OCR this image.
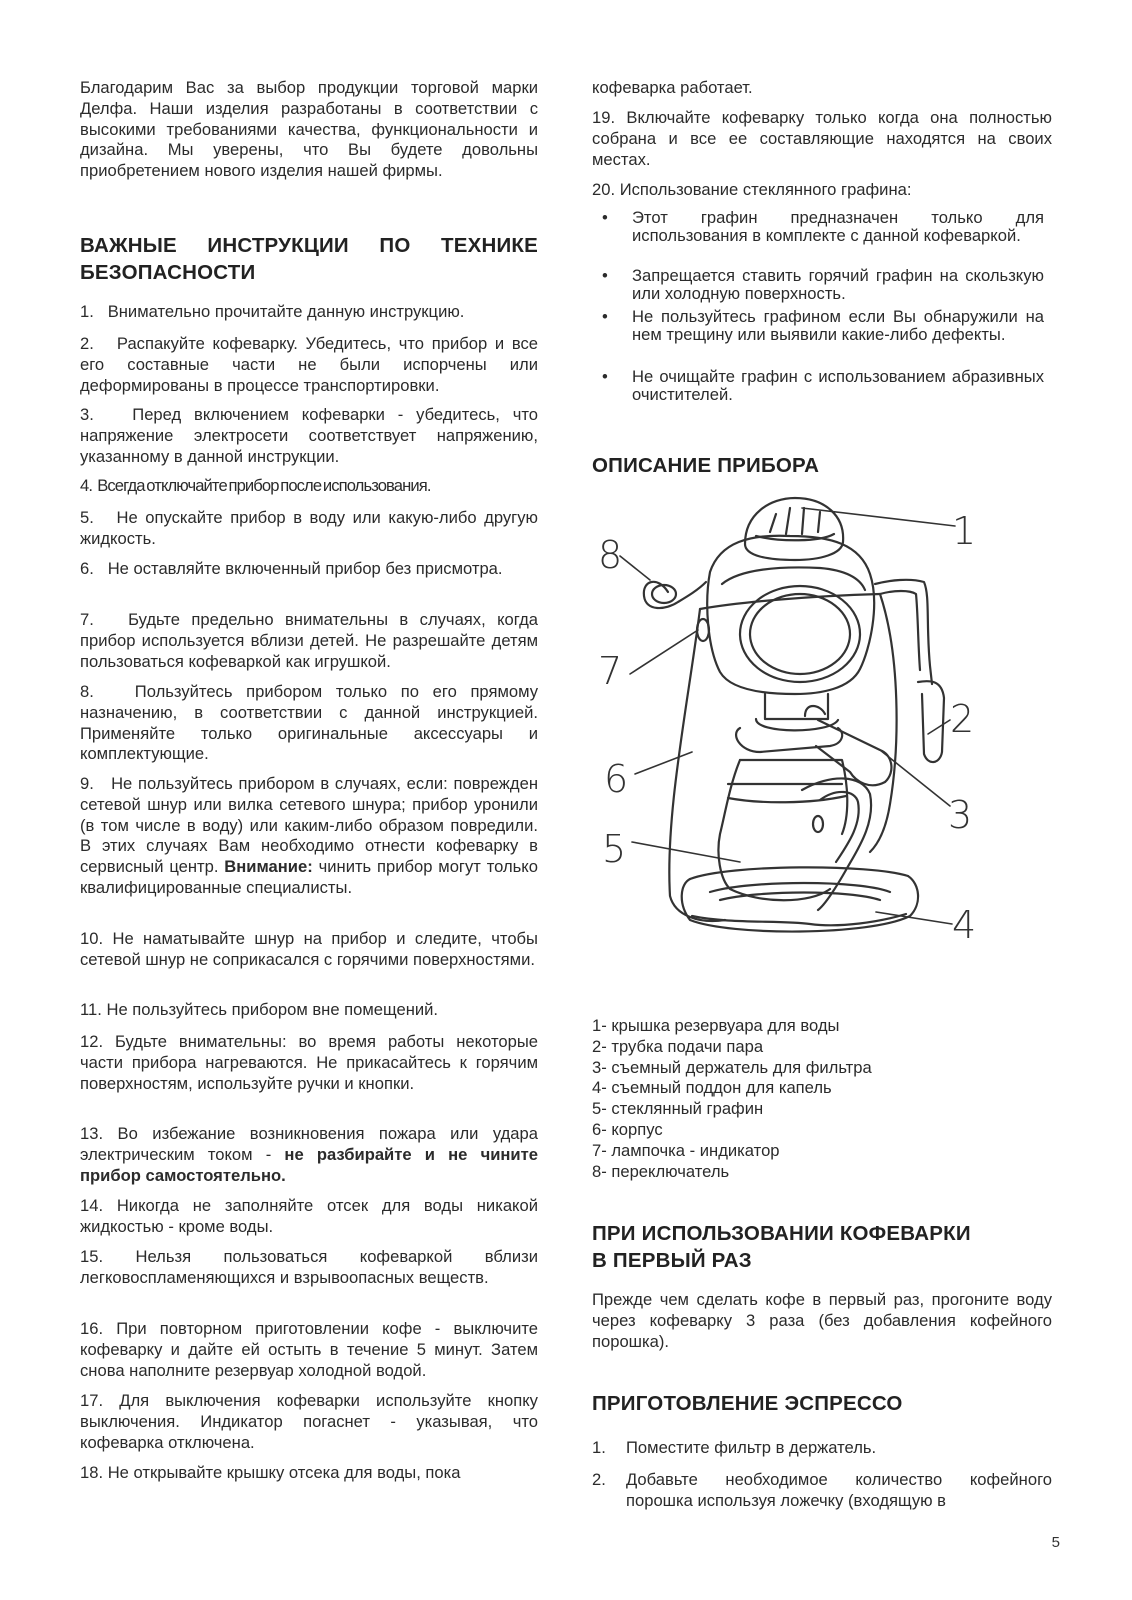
Благодарим Вас за выбор продукции торговой марки Делфа. Наши изделия разработаны в соответствии с высокими требованиями качества, функциональности и дизайна. Мы уверены, что Вы будете довольны приобретением нового изделия нашей фирмы.

ВАЖНЫЕ ИНСТРУКЦИИ ПО ТЕХНИКЕ БЕЗОПАСНОСТИ
1. Внимательно прочитайте данную инструкцию.
2. Распакуйте кофеварку. Убедитесь, что прибор и все его составные части не были испорчены или деформированы в процессе транспортировки.
3. Перед включением кофеварки - убедитесь, что напряжение электросети соответствует напряжению, указанному в данной инструкции.
4. Всегда отключайте прибор после использования.
5. Не опускайте прибор в воду или какую-либо другую жидкость.
6. Не оставляйте включенный прибор без присмотра.
7. Будьте предельно внимательны в случаях, когда прибор используется вблизи детей. Не разрешайте детям пользоваться кофеваркой как игрушкой.
8. Пользуйтесь прибором только по его прямому назначению, в соответствии с данной инструкцией. Применяйте только оригинальные аксессуары и комплектующие.
9. Не пользуйтесь прибором в случаях, если: поврежден сетевой шнур или вилка сетевого шнура; прибор уронили (в том числе в воду) или каким-либо образом повредили. В этих случаях Вам необходимо отнести кофеварку в сервисный центр. Внимание: чинить прибор могут только квалифицированные специалисты.
10. Не наматывайте шнур на прибор и следите, чтобы сетевой шнур не соприкасался с горячими поверхностями.
11. Не пользуйтесь прибором вне помещений.
12. Будьте внимательны: во время работы некоторые части прибора нагреваются. Не прикасайтесь к горячим поверхностям, используйте ручки и кнопки.
13. Во избежание возникновения пожара или удара электрическим током - не разбирайте и не чините прибор самостоятельно.
14. Никогда не заполняйте отсек для воды никакой жидкостью - кроме воды.
15. Нельзя пользоваться кофеваркой вблизи легковоспламеняющихся и взрывоопасных веществ.
16. При повторном приготовлении кофе - выключите кофеварку и дайте ей остыть в течение 5 минут. Затем снова наполните резервуар холодной водой.
17. Для выключения кофеварки используйте кнопку выключения. Индикатор погаснет - указывая, что кофеварка отключена.
18. Не открывайте крышку отсека для воды, пока

кофеварка работает.

19. Включайте кофеварку только когда она полностью собрана и все ее составляющие находятся на своих местах.

20. Использование стеклянного графина:

• Этот графин предназначен только для использования в комплекте с данной кофеваркой.
• Запрещается ставить горячий графин на скользкую или холодную поверхность.
• Не пользуйтесь графином если Вы обнаружили на нем трещину или выявили какие-либо дефекты.
• Не очищайте графин с использованием абразивных очистителей.
ОПИСАНИЕ ПРИБОРА
1
2
3
4
5
6
7
8
1- крышка резервуара для воды
2- трубка подачи пара
3- съемный держатель для фильтра
4- съемный поддон для капель
5- стеклянный графин
6- корпус
7- лампочка - индикатор
8- переключатель
ПРИ ИСПОЛЬЗОВАНИИ КОФЕВАРКИ
В ПЕРВЫЙ РАЗ

Прежде чем сделать кофе в первый раз, прогоните воду через кофеварку 3 раза (без добавления кофейного порошка).

ПРИГОТОВЛЕНИЕ ЭСПРЕССО
1. Поместите фильтр в держатель.
2. Добавьте необходимое количество кофейного порошка используя ложечку (входящую в
5
